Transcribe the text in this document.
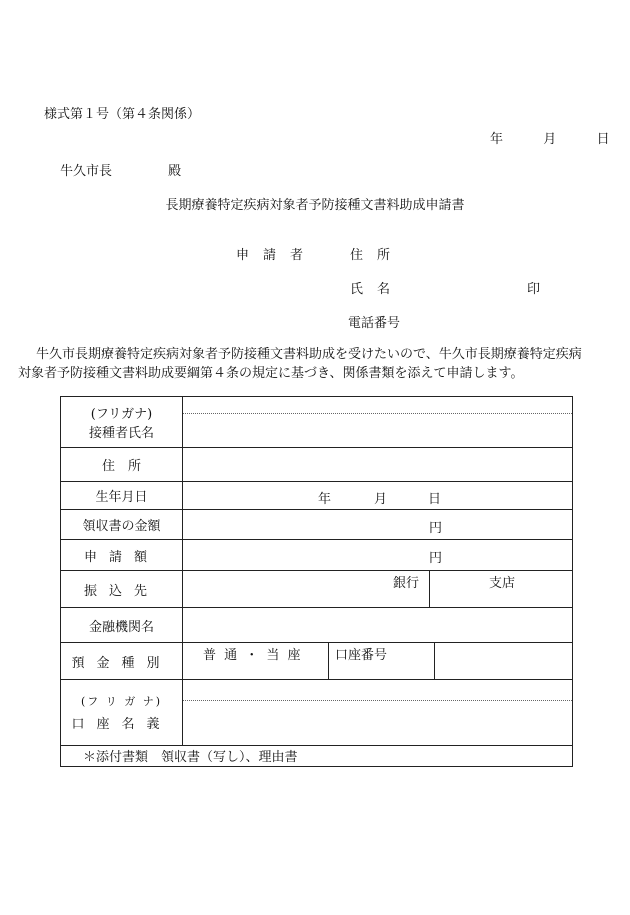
様式第１号（第４条関係）
年	月	日
牛久市長	殿
長期療養特定疾病対象者予防接種文書料助成申請書
申請者	住所
氏名	印
電話番号
牛久市長期療養特定疾病対象者予防接種文書料助成を受けたいので、牛久市長期療養特定疾病対象者予防接種文書料助成要綱第４条の規定に基づき、関係書類を添えて申請します。
(フリガナ)
接種者氏名
住　所
生年月日	年	月	日
領収書の金額	円
申請額	円
振込先	銀行	支店
金融機関名
預金種別	普 通 ・ 当 座 口座番号
(フ リ ガ ナ)
口座名義
＊添付書類　領収書（写し）、理由書
